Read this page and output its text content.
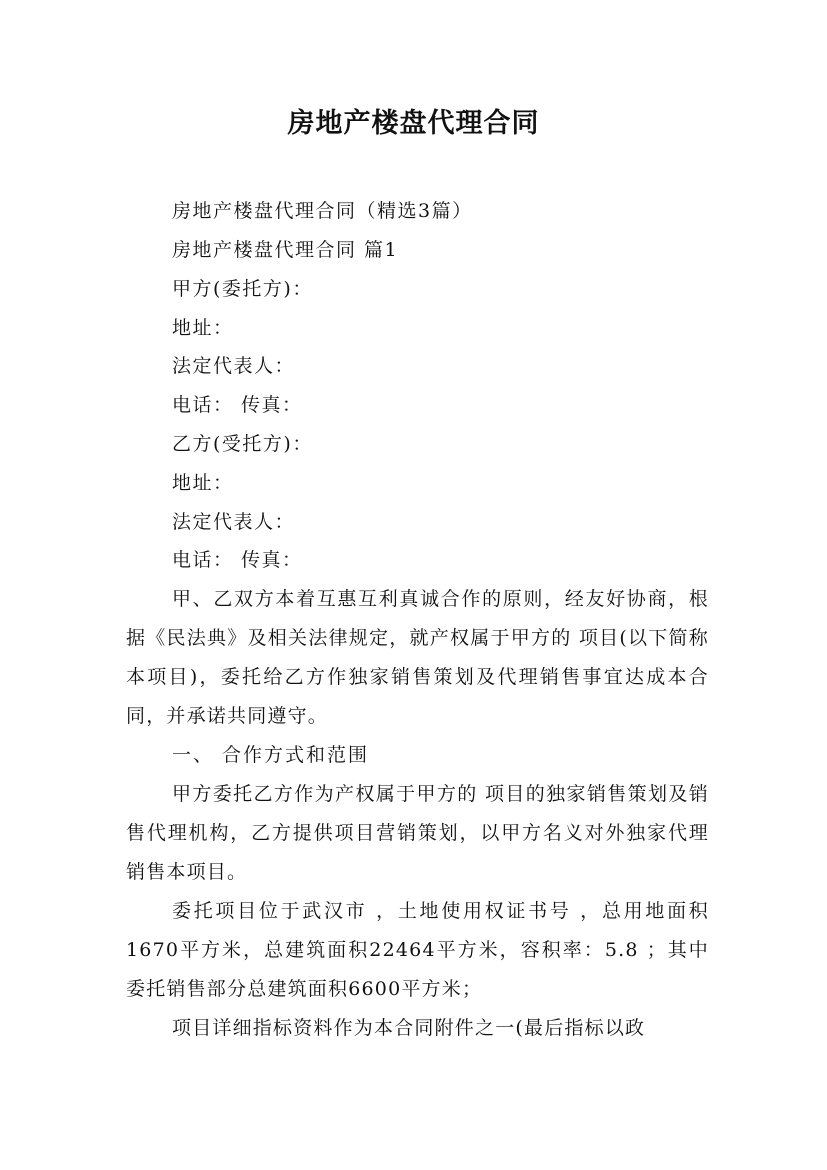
房地产楼盘代理合同

房地产楼盘代理合同（精选3篇）

房地产楼盘代理合同 篇1

甲方(委托方)：

地址：

法定代表人：

电话： 传真：

乙方(受托方)：

地址：

法定代表人：

电话： 传真：

甲、乙双方本着互惠互利真诚合作的原则，经友好协商，根据《民法典》及相关法律规定，就产权属于甲方的 项目(以下简称本项目)，委托给乙方作独家销售策划及代理销售事宜达成本合同，并承诺共同遵守。

一、 合作方式和范围

甲方委托乙方作为产权属于甲方的 项目的独家销售策划及销售代理机构，乙方提供项目营销策划，以甲方名义对外独家代理销售本项目。

委托项目位于武汉市 ，土地使用权证书号 ，总用地面积1670平方米，总建筑面积22464平方米，容积率：5.8 ；其中委托销售部分总建筑面积6600平方米；

项目详细指标资料作为本合同附件之一(最后指标以政
